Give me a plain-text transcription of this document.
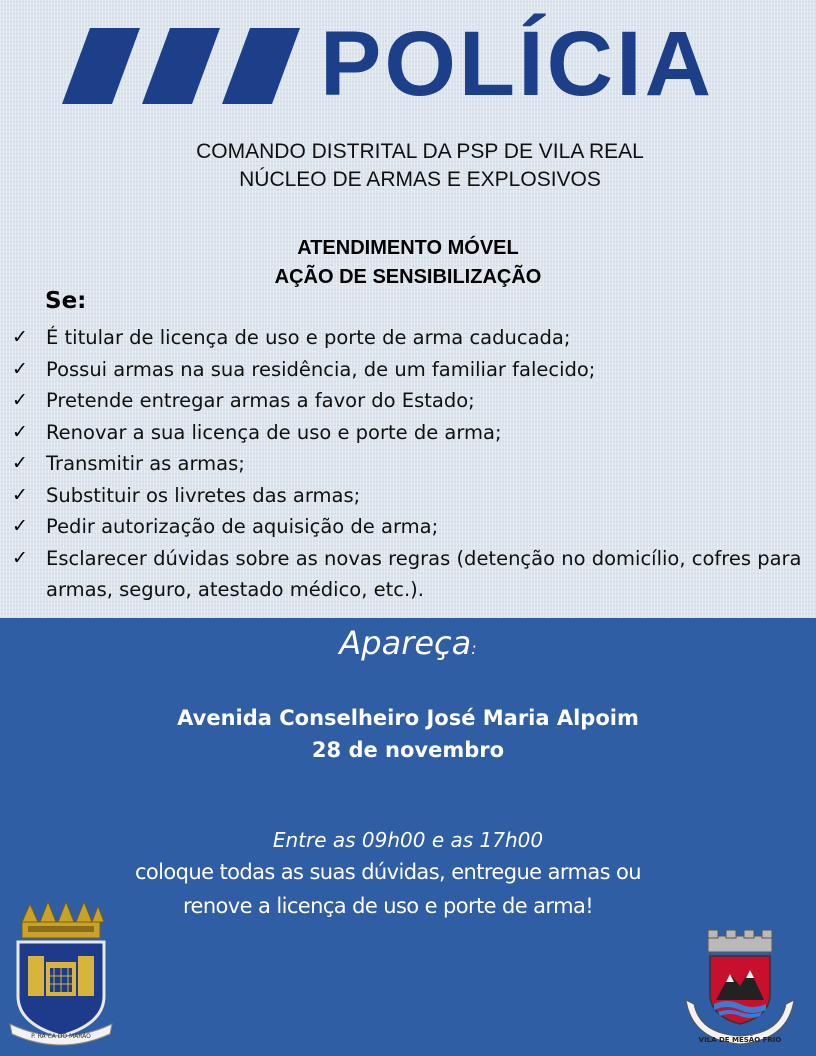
POLÍCIA
COMANDO DISTRITAL DA PSP DE VILA REAL
NÚCLEO DE ARMAS E EXPLOSIVOS
ATENDIMENTO MÓVEL
AÇÃO DE SENSIBILIZAÇÃO
Se:
✓ É titular de licença de uso e porte de arma caducada;
✓ Possui armas na sua residência, de um familiar falecido;
✓ Pretende entregar armas a favor do Estado;
✓ Renovar a sua licença de uso e porte de arma;
✓ Transmitir as armas;
✓ Substituir os livretes das armas;
✓ Pedir autorização de aquisição de arma;
✓ Esclarecer dúvidas sobre as novas regras (detenção no domicílio, cofres para armas, seguro, atestado médico, etc.).
Apareça:
Avenida Conselheiro José Maria Alpoim
28 de novembro
Entre as 09h00 e as 17h00
coloque todas as suas dúvidas, entregue armas ou
renove a licença de uso e porte de arma!
P. RA CA DO MARÃO	VILA DE MESÃO FRIO
